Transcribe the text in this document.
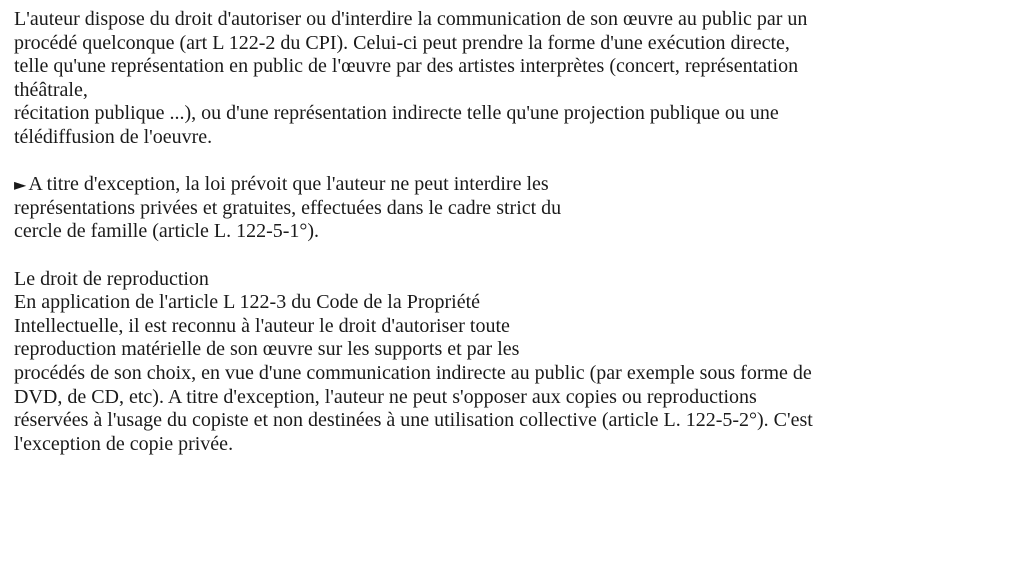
L'auteur dispose du droit d'autoriser ou d'interdire la communication de son œuvre au public par un
procédé quelconque (art L 122-2 du CPI). Celui-ci peut prendre la forme d'une exécution directe,
telle qu'une représentation en public de l'œuvre par des artistes interprètes (concert, représentation
théâtrale,
récitation publique ...), ou d'une représentation indirecte telle qu'une projection publique ou une
télédiffusion de l'oeuvre.
► A titre d'exception, la loi prévoit que l'auteur ne peut interdire les
représentations privées et gratuites, effectuées dans le cadre strict du
cercle de famille (article L. 122-5-1°).
Le droit de reproduction
En application de l'article L 122-3 du Code de la Propriété
Intellectuelle, il est reconnu à l'auteur le droit d'autoriser toute
reproduction matérielle de son œuvre sur les supports et par les
procédés de son choix, en vue d'une communication indirecte au public (par exemple sous forme de
DVD, de CD, etc). A titre d'exception, l'auteur ne peut s'opposer aux copies ou reproductions
réservées à l'usage du copiste et non destinées à une utilisation collective (article L. 122-5-2°). C'est
l'exception de copie privée.
